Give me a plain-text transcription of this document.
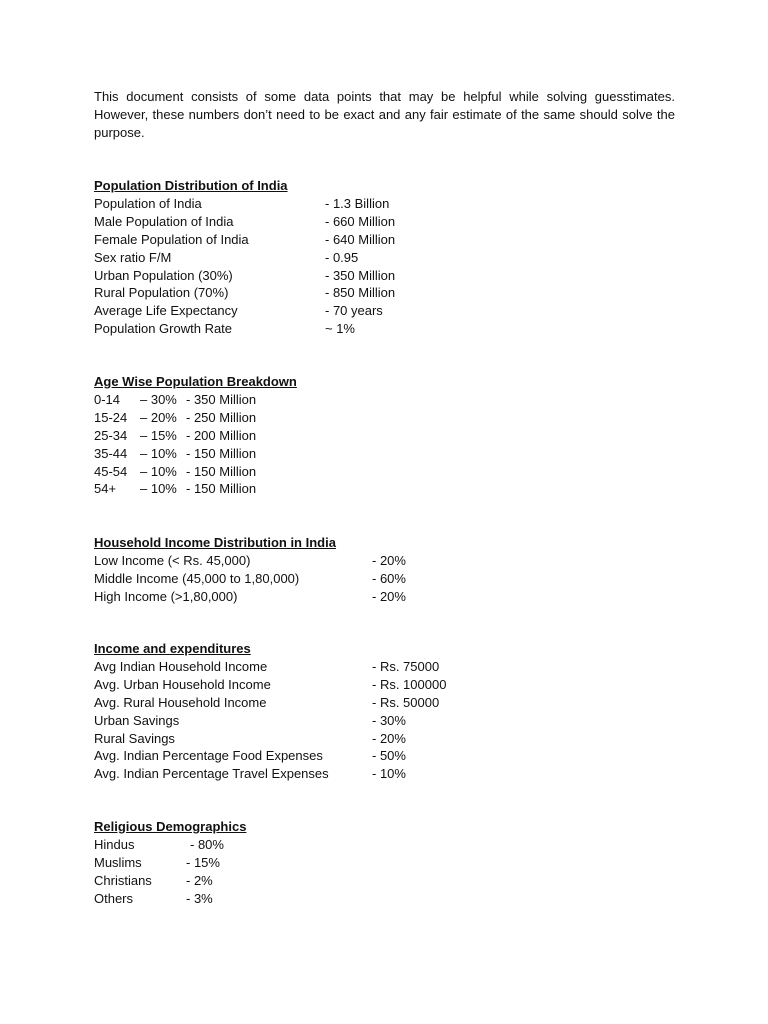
This document consists of some data points that may be helpful while solving guesstimates. However, these numbers don’t need to be exact and any fair estimate of the same should solve the purpose.

Population Distribution of India
Population of India	- 1.3 Billion
Male Population of India	- 660 Million
Female Population of India	- 640 Million
Sex ratio F/M	- 0.95
Urban Population (30%)	- 350 Million
Rural Population (70%)	- 850 Million
Average Life Expectancy	- 70 years
Population Growth Rate	~ 1%
Age Wise Population Breakdown
0-14 – 30% - 350 Million
15-24 – 20% - 250 Million
25-34 – 15% - 200 Million
35-44 – 10% - 150 Million
45-54 – 10% - 150 Million
54+ – 10% - 150 Million
Household Income Distribution in India
Low Income (< Rs. 45,000)	- 20%
Middle Income (45,000 to 1,80,000)	- 60%
High Income (>1,80,000)	- 20%
Income and expenditures
Avg Indian Household Income	- Rs. 75000
Avg. Urban Household Income	- Rs. 100000
Avg. Rural Household Income	- Rs. 50000
Urban Savings	- 30%
Rural Savings	- 20%
Avg. Indian Percentage Food Expenses	- 50%
Avg. Indian Percentage Travel Expenses	- 10%
Religious Demographics
Hindus	- 80%
Muslims	- 15%
Christians	- 2%
Others	- 3%
